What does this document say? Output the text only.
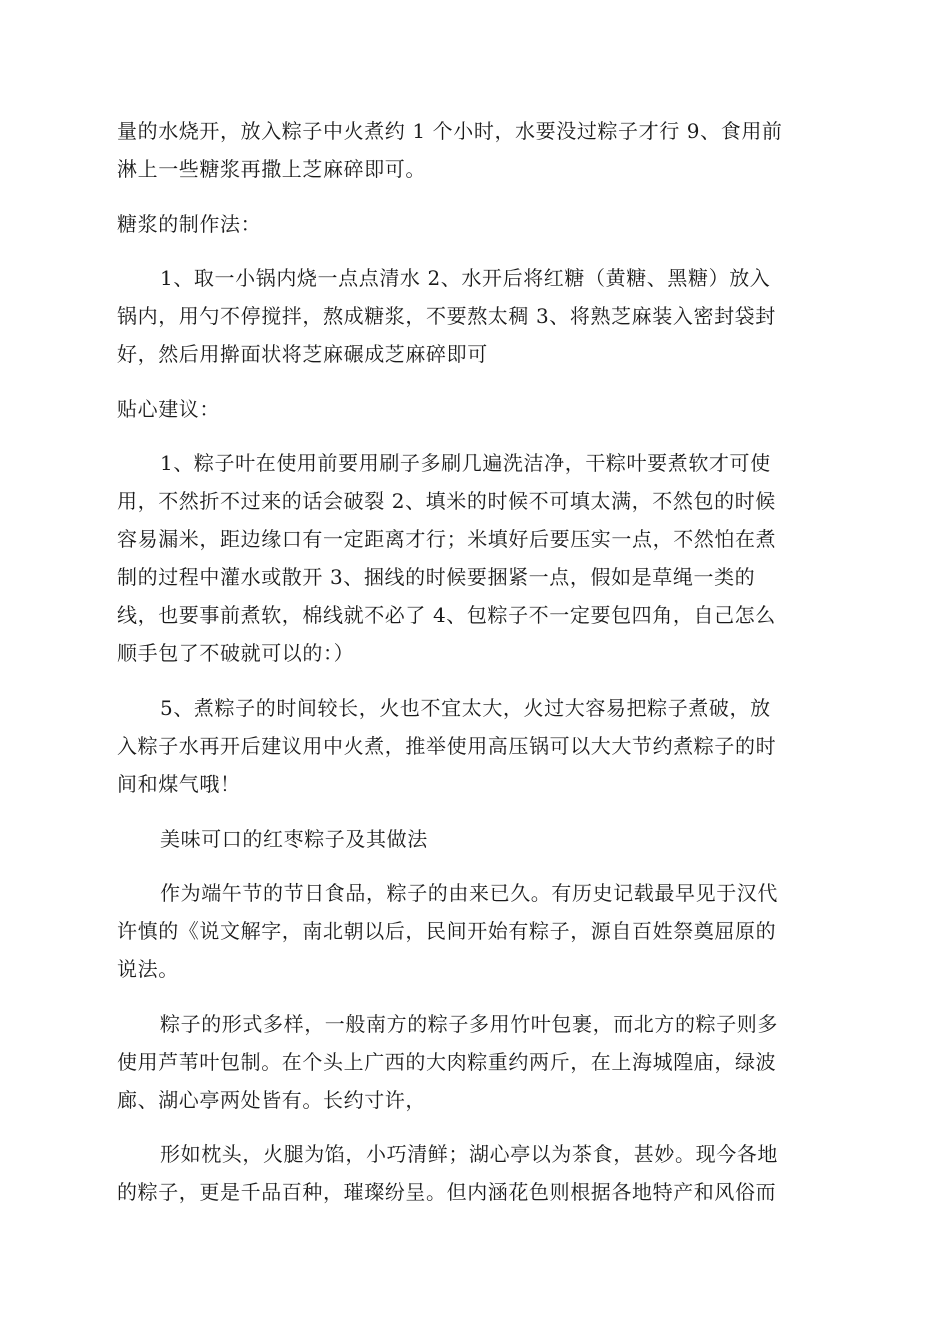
量的水烧开，放入粽子中火煮约 1 个小时，水要没过粽子才行 9、食用前
淋上一些糖浆再撒上芝麻碎即可。
糖浆的制作法：
1、取一小锅内烧一点点清水 2、水开后将红糖（黄糖、黑糖）放入
锅内，用勺不停搅拌，熬成糖浆，不要熬太稠 3、将熟芝麻装入密封袋封
好，然后用擀面状将芝麻碾成芝麻碎即可
贴心建议：
1、粽子叶在使用前要用刷子多刷几遍洗洁净，干粽叶要煮软才可使
用，不然折不过来的话会破裂 2、填米的时候不可填太满，不然包的时候
容易漏米，距边缘口有一定距离才行；米填好后要压实一点，不然怕在煮
制的过程中灌水或散开 3、捆线的时候要捆紧一点，假如是草绳一类的
线，也要事前煮软，棉线就不必了 4、包粽子不一定要包四角，自己怎么
顺手包了不破就可以的：）
5、煮粽子的时间较长，火也不宜太大，火过大容易把粽子煮破，放
入粽子水再开后建议用中火煮，推举使用高压锅可以大大节约煮粽子的时
间和煤气哦！
美味可口的红枣粽子及其做法
作为端午节的节日食品，粽子的由来已久。有历史记载最早见于汉代
许慎的《说文解字，南北朝以后，民间开始有粽子，源自百姓祭奠屈原的
说法。
粽子的形式多样，一般南方的粽子多用竹叶包裹，而北方的粽子则多
使用芦苇叶包制。在个头上广西的大肉粽重约两斤，在上海城隍庙，绿波
廊、湖心亭两处皆有。长约寸许，
形如枕头，火腿为馅，小巧清鲜；湖心亭以为茶食，甚妙。现今各地
的粽子，更是千品百种，璀璨纷呈。但内涵花色则根据各地特产和风俗而
